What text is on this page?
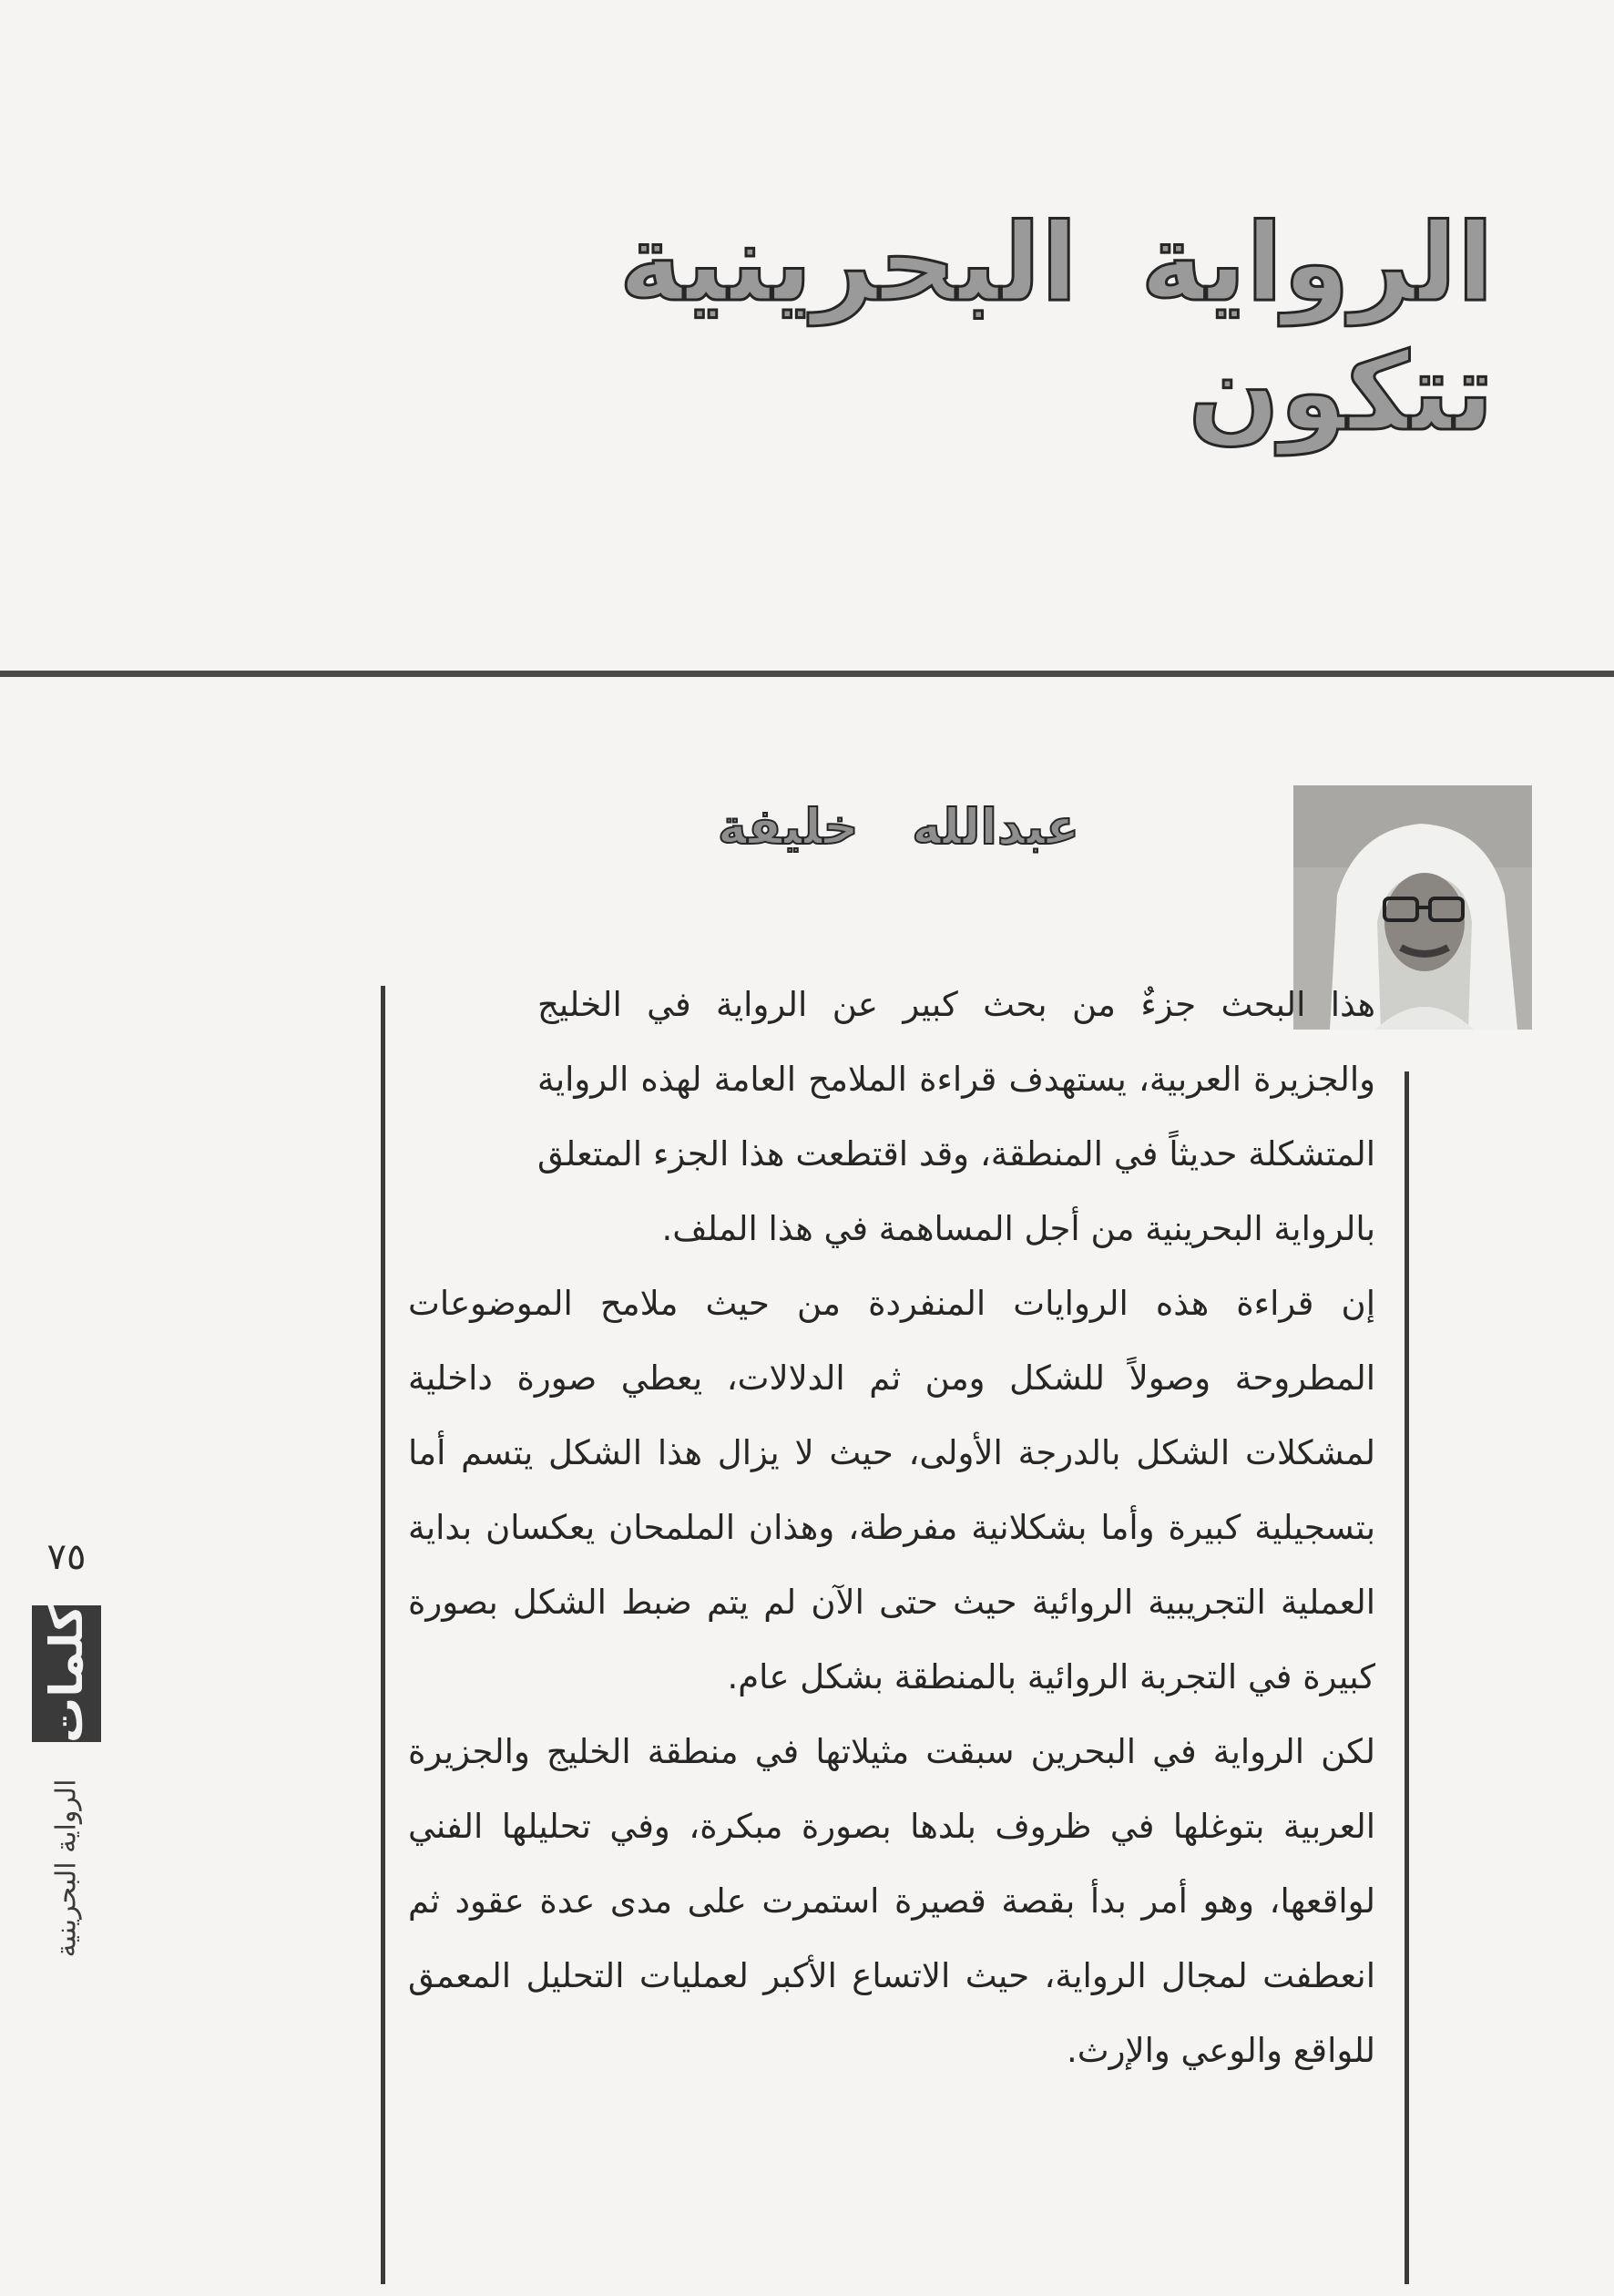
الرواية البحرينية تتكون
عبدالله خليفة

هذا البحث جزءٌ من بحث كبير عن الرواية في الخليج والجزيرة العربية، يستهدف قراءة الملامح العامة لهذه الرواية المتشكلة حديثاً في المنطقة، وقد اقتطعت هذا الجزء المتعلق بالرواية البحرينية من أجل المساهمة في هذا الملف.

إن قراءة هذه الروايات المنفردة من حيث ملامح الموضوعات المطروحة وصولاً للشكل ومن ثم الدلالات، يعطي صورة داخلية لمشكلات الشكل بالدرجة الأولى، حيث لا يزال هذا الشكل يتسم أما بتسجيلية كبيرة وأما بشكلانية مفرطة، وهذان الملمحان يعكسان بداية العملية التجريبية الروائية حيث حتى الآن لم يتم ضبط الشكل بصورة كبيرة في التجربة الروائية بالمنطقة بشكل عام.

لكن الرواية في البحرين سبقت مثيلاتها في منطقة الخليج والجزيرة العربية بتوغلها في ظروف بلدها بصورة مبكرة، وفي تحليلها الفني لواقعها، وهو أمر بدأ بقصة قصيرة استمرت على مدى عدة عقود ثم انعطفت لمجال الرواية، حيث الاتساع الأكبر لعمليات التحليل المعمق للواقع والوعي والإرث.

٧٥
كلمات
الرواية البحرينية
